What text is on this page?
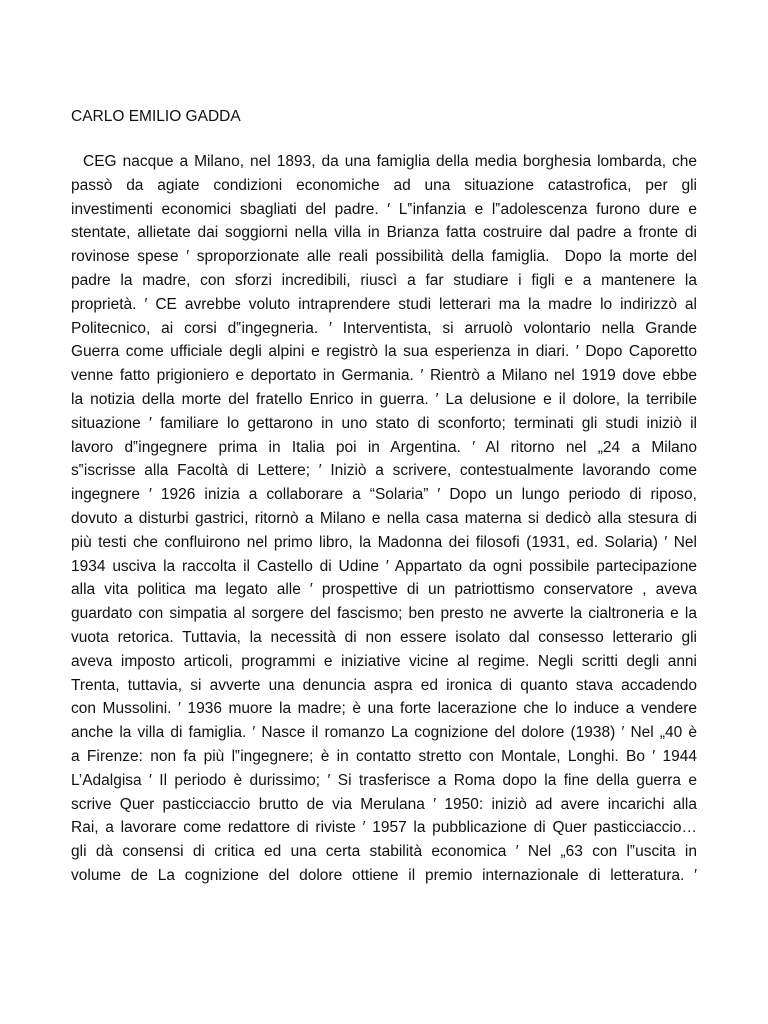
CARLO EMILIO GADDA
CEG nacque a Milano, nel 1893, da una famiglia della media borghesia lombarda, che
passò da agiate condizioni economiche ad una situazione catastrofica, per gli
investimenti economici sbagliati del padre. ′ L‟infanzia e l‟adolescenza furono dure e
stentate, allietate dai soggiorni nella villa in Brianza fatta costruire dal padre a fronte di
rovinose spese ′ sproporzionate alle reali possibilità della famiglia.  Dopo la morte del
padre la madre, con sforzi incredibili, riuscì a far studiare i figli e a mantenere la
proprietà. ′ CE avrebbe voluto intraprendere studi letterari ma la madre lo indirizzò al
Politecnico, ai corsi d‟ingegneria. ′ Interventista, si arruolò volontario nella Grande
Guerra come ufficiale degli alpini e registrò la sua esperienza in diari. ′ Dopo Caporetto
venne fatto prigioniero e deportato in Germania. ′ Rientrò a Milano nel 1919 dove ebbe
la notizia della morte del fratello Enrico in guerra. ′ La delusione e il dolore, la terribile
situazione ′ familiare lo gettarono in uno stato di sconforto; terminati gli studi iniziò il
lavoro d‟ingegnere prima in Italia poi in Argentina. ′ Al ritorno nel „24 a Milano
s‟iscrisse alla Facoltà di Lettere; ′ Iniziò a scrivere, contestualmente lavorando come
ingegnere ′ 1926 inizia a collaborare a “Solaria” ′ Dopo un lungo periodo di riposo,
dovuto a disturbi gastrici, ritornò a Milano e nella casa materna si dedicò alla stesura di
più testi che confluirono nel primo libro, la Madonna dei filosofi (1931, ed. Solaria) ′ Nel
1934 usciva la raccolta il Castello di Udine ′ Appartato da ogni possibile partecipazione
alla vita politica ma legato alle ′ prospettive di un patriottismo conservatore , aveva
guardato con simpatia al sorgere del fascismo; ben presto ne avverte la cialtroneria e la
vuota retorica. Tuttavia, la necessità di non essere isolato dal consesso letterario gli
aveva imposto articoli, programmi e iniziative vicine al regime. Negli scritti degli anni
Trenta, tuttavia, si avverte una denuncia aspra ed ironica di quanto stava accadendo
con Mussolini. ′ 1936 muore la madre; è una forte lacerazione che lo induce a vendere
anche la villa di famiglia. ′ Nasce il romanzo La cognizione del dolore (1938) ′ Nel „40 è
a Firenze: non fa più l‟ingegnere; è in contatto stretto con Montale, Longhi. Bo ′ 1944
L’Adalgisa ′ Il periodo è durissimo; ′ Si trasferisce a Roma dopo la fine della guerra e
scrive Quer pasticciaccio brutto de via Merulana ′ 1950: iniziò ad avere incarichi alla
Rai, a lavorare come redattore di riviste ′ 1957 la pubblicazione di Quer pasticciaccio…
gli dà consensi di critica ed una certa stabilità economica ′ Nel „63 con l‟uscita in
volume de La cognizione del dolore ottiene il premio internazionale di letteratura. ′
